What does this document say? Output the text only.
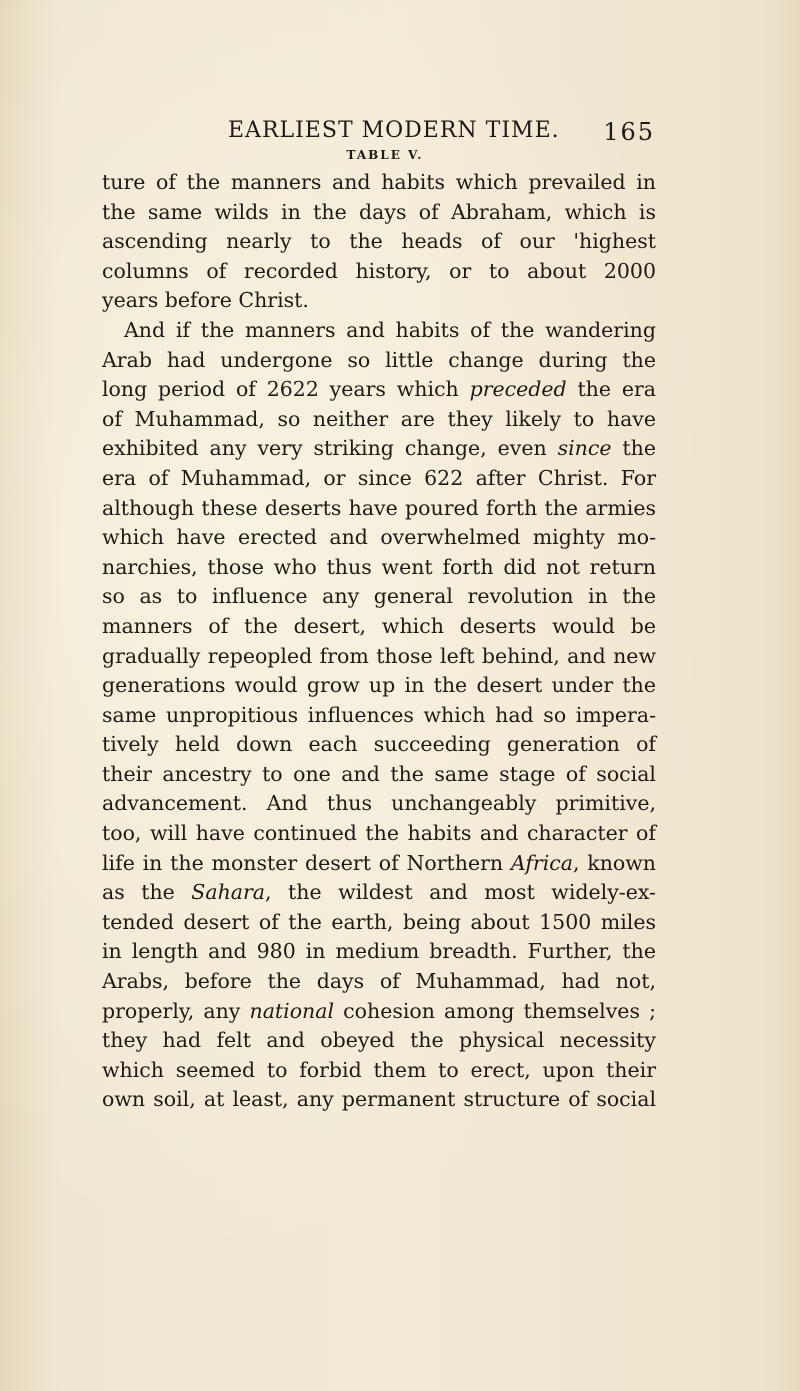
EARLIEST MODERN TIME. 165
TABLE V.
ture of the manners and habits which prevailed in
the same wilds in the days of Abraham, which is
ascending nearly to the heads of our 'highest
columns of recorded history, or to about 2000
years before Christ.
And if the manners and habits of the wandering
Arab had undergone so little change during the
long period of 2622 years which preceded the era
of Muhammad, so neither are they likely to have
exhibited any very striking change, even since the
era of Muhammad, or since 622 after Christ. For
although these deserts have poured forth the armies
which have erected and overwhelmed mighty mo-
narchies, those who thus went forth did not return
so as to influence any general revolution in the
manners of the desert, which deserts would be
gradually repeopled from those left behind, and new
generations would grow up in the desert under the
same unpropitious influences which had so impera-
tively held down each succeeding generation of
their ancestry to one and the same stage of social
advancement. And thus unchangeably primitive,
too, will have continued the habits and character of
life in the monster desert of Northern Africa, known
as the Sahara, the wildest and most widely-ex-
tended desert of the earth, being about 1500 miles
in length and 980 in medium breadth. Further, the
Arabs, before the days of Muhammad, had not,
properly, any national cohesion among themselves ;
they had felt and obeyed the physical necessity
which seemed to forbid them to erect, upon their
own soil, at least, any permanent structure of social
